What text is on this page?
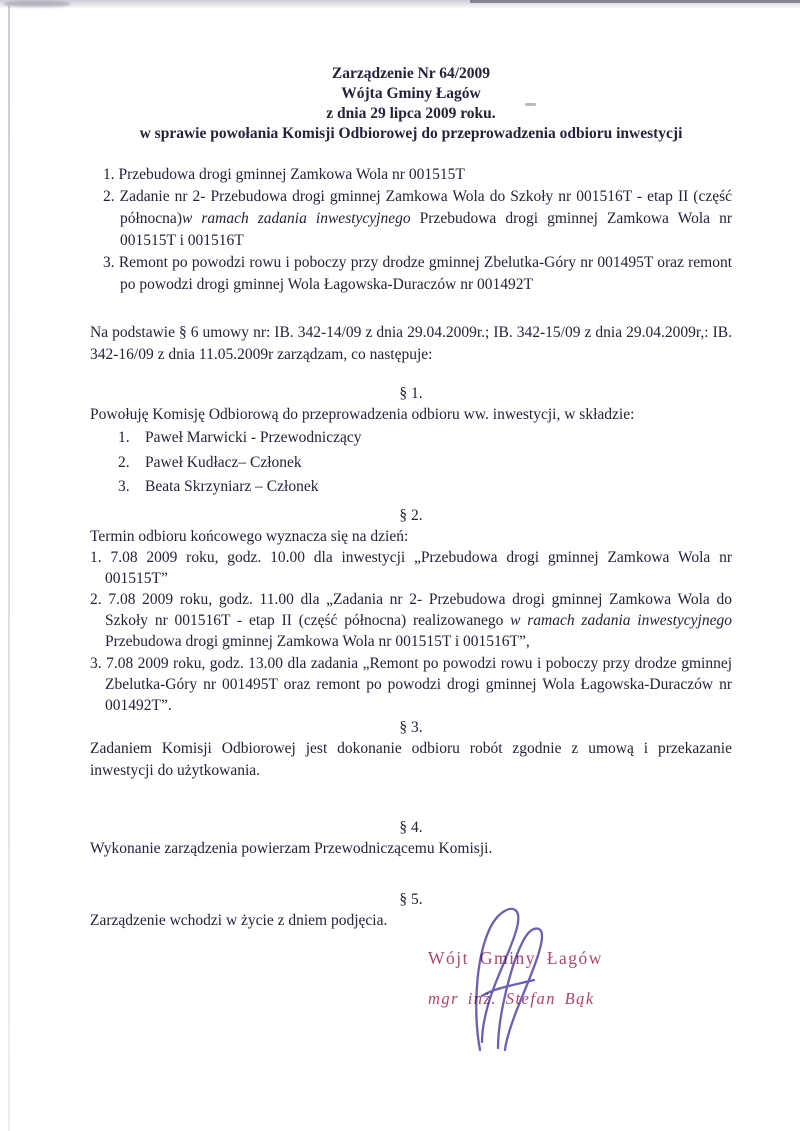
Zarządzenie Nr 64/2009
Wójta Gminy Łagów
z dnia 29 lipca 2009 roku.
w sprawie powołania Komisji Odbiorowej do przeprowadzenia odbioru inwestycji
1. Przebudowa drogi gminnej Zamkowa Wola nr 001515T
2. Zadanie nr 2- Przebudowa drogi gminnej Zamkowa Wola do Szkoły nr 001516T - etap II (część północna)w ramach zadania inwestycyjnego Przebudowa drogi gminnej Zamkowa Wola nr 001515T i 001516T
3. Remont po powodzi rowu i poboczy przy drodze gminnej Zbelutka-Góry nr 001495T oraz remont po powodzi drogi gminnej Wola Łagowska-Duraczów nr 001492T
Na podstawie § 6 umowy nr: IB. 342-14/09 z dnia 29.04.2009r.; IB. 342-15/09 z dnia 29.04.2009r,: IB. 342-16/09 z dnia 11.05.2009r zarządzam, co następuje:
§ 1.
Powołuję Komisję Odbiorową do przeprowadzenia odbioru ww. inwestycji, w składzie:
1. Paweł Marwicki - Przewodniczący
2. Paweł Kudłacz– Członek
3. Beata Skrzyniarz – Członek
§ 2.
Termin odbioru końcowego wyznacza się na dzień:
1. 7.08 2009 roku, godz. 10.00 dla inwestycji „Przebudowa drogi gminnej Zamkowa Wola nr 001515T”
2. 7.08 2009 roku, godz. 11.00 dla „Zadania nr 2- Przebudowa drogi gminnej Zamkowa Wola do Szkoły nr 001516T - etap II (część północna) realizowanego w ramach zadania inwestycyjnego Przebudowa drogi gminnej Zamkowa Wola nr 001515T i 001516T”,
3. 7.08 2009 roku, godz. 13.00 dla zadania „Remont po powodzi rowu i poboczy przy drodze gminnej Zbelutka-Góry nr 001495T oraz remont po powodzi drogi gminnej Wola Łagowska-Duraczów nr 001492T”.
§ 3.
Zadaniem Komisji Odbiorowej jest dokonanie odbioru robót zgodnie z umową i przekazanie inwestycji do użytkowania.
§ 4.
Wykonanie zarządzenia powierzam Przewodniczącemu Komisji.
§ 5.
Zarządzenie wchodzi w życie z dniem podjęcia.
Wójt Gminy Łagów
mgr inż. Stefan Bąk
